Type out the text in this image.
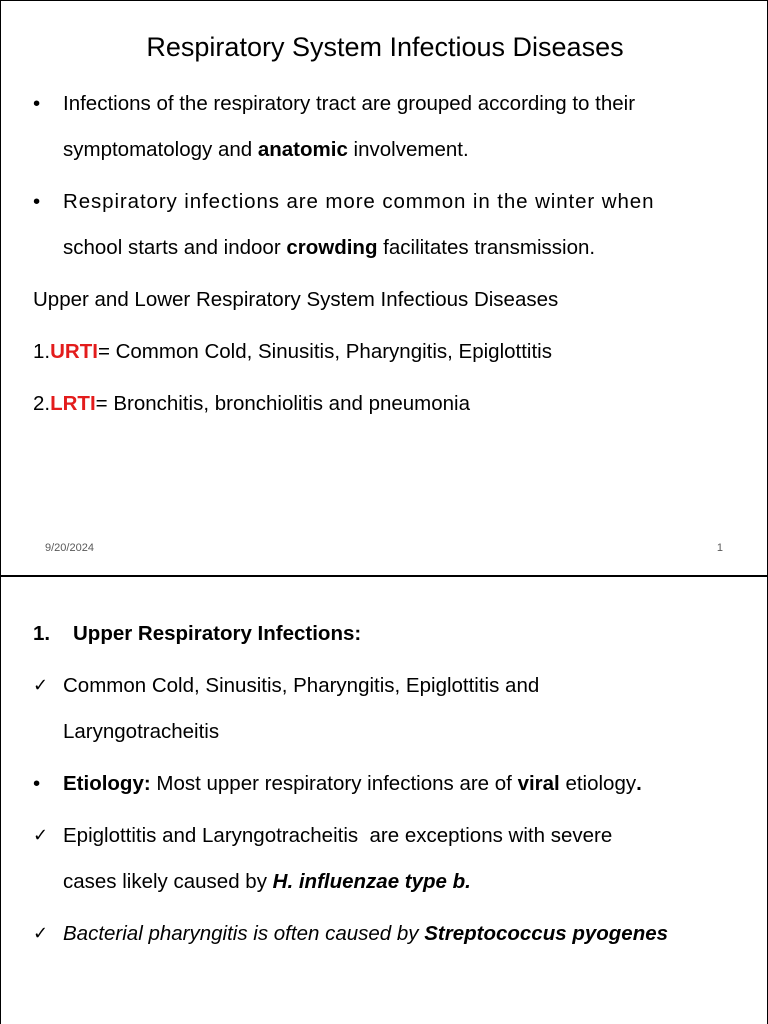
Respiratory System Infectious Diseases
•	Infections of the respiratory tract are grouped according to their
symptomatology and anatomic involvement.
•	Respiratory infections are more common in the winter when
school starts and indoor crowding facilitates transmission.
Upper and Lower Respiratory System Infectious Diseases
1.URTI= Common Cold, Sinusitis, Pharyngitis, Epiglottitis
2.LRTI= Bronchitis, bronchiolitis and pneumonia
9/20/2024	1
1. Upper Respiratory Infections:
✓ Common Cold, Sinusitis, Pharyngitis, Epiglottitis and
Laryngotracheitis
•	Etiology: Most upper respiratory infections are of viral etiology.
✓ Epiglottitis and Laryngotracheitis  are exceptions with severe
cases likely caused by H. influenzae type b.
✓ Bacterial pharyngitis is often caused by Streptococcus pyogenes
